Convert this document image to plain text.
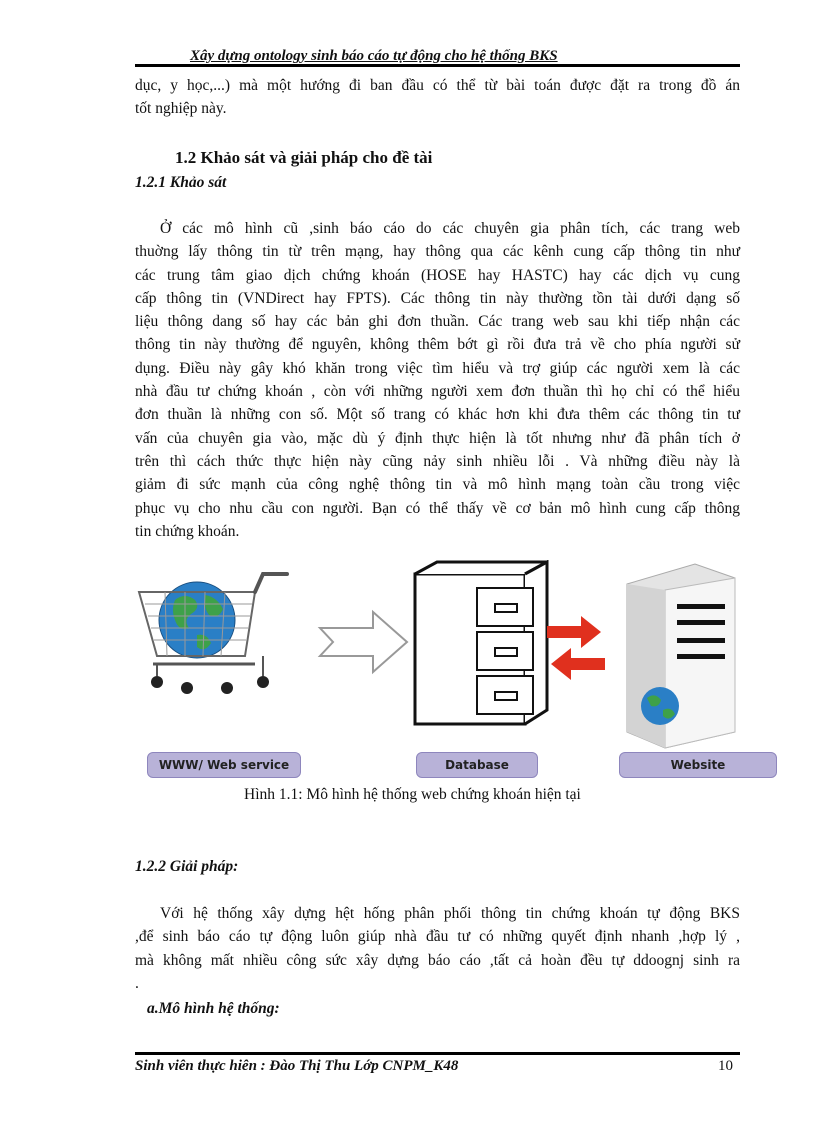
Xây dựng ontology sinh báo cáo tự động cho hệ thống BKS
dục, y học,...) mà một hướng đi ban đầu có thể từ bài toán được đặt ra trong đồ án
tốt nghiệp này.
1.2 Khảo sát và giải pháp cho đề tài
1.2.1 Khảo sát
Ở các mô hình cũ ,sinh báo cáo do các chuyên gia phân tích, các trang web
thuờng lấy thông tin từ trên mạng, hay thông qua các kênh cung cấp thông tin như
các trung tâm giao dịch chứng khoán (HOSE hay HASTC) hay các dịch vụ cung
cấp thông tin (VNDirect hay FPTS). Các thông tin này thường tồn tài dưới dạng số
liệu thông dang số hay các bản ghi đơn thuần. Các trang web sau khi tiếp nhận các
thông tin này thường để nguyên, không thêm bớt gì rồi đưa trả về cho phía người sử
dụng. Điều này gây khó khăn trong việc tìm hiểu và trợ giúp các người xem là các
nhà đầu tư chứng khoán , còn với những người xem đơn thuần thì họ chỉ có thể hiểu
đơn thuần là những con số. Một số trang có khác hơn khi đưa thêm các thông tin tư
vấn của chuyên gia vào, mặc dù ý định thực hiện là tốt nhưng như đã phân tích ở
trên thì cách thức thực hiện này cũng nảy sinh nhiều lỗi . Và những điều này là
giảm đi sức mạnh của công nghệ thông tin và mô hình mạng toàn cầu trong việc
phục vụ cho nhu cầu con người. Bạn có thể thấy về cơ bản mô hình cung cấp thông
tin chứng khoán.
WWW/ Web service	Database	Website
Hình 1.1: Mô hình hệ thống web chứng khoán hiện tại
1.2.2 Giải pháp:
Với hệ thống xây dựng hệt hống phân phối thông tin chứng khoán tự động BKS
,để sinh báo cáo tự động luôn giúp nhà đầu tư có những quyết định nhanh ,hợp lý ,
mà không mất nhiều công sức xây dựng báo cáo ,tất cả hoàn đều tự ddoognj sinh ra
.
a.Mô hình hệ thống:
Sinh viên thực hiên : Đào Thị Thu Lớp CNPM_K48	10
